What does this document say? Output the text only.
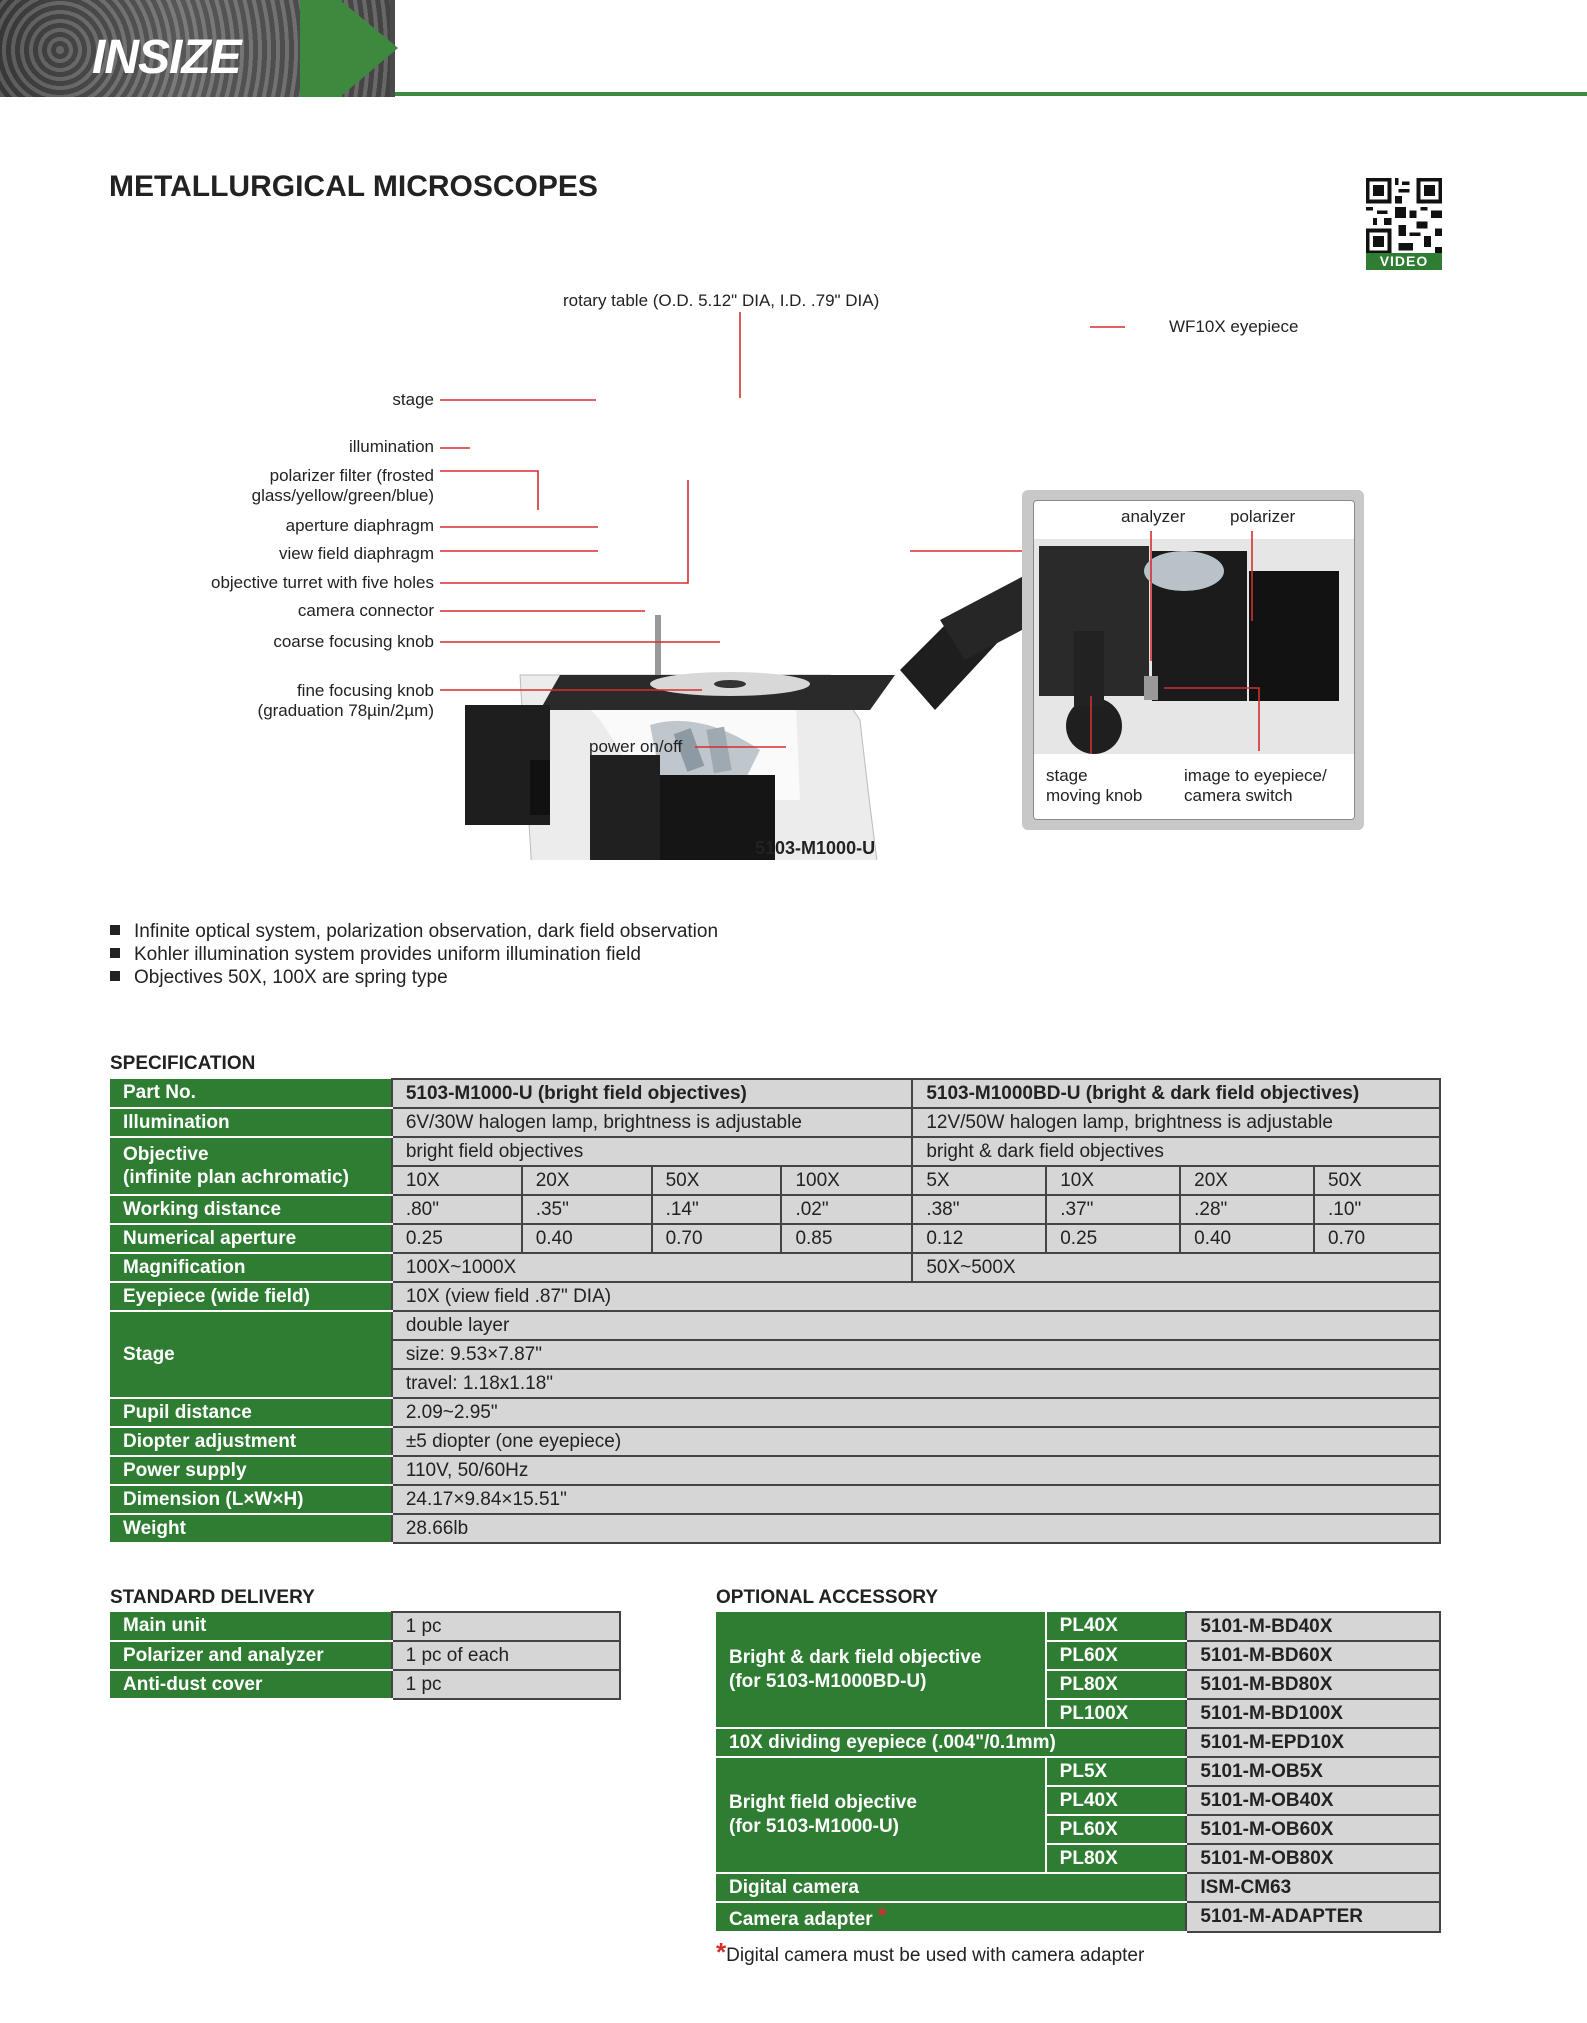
INSIZE
METALLURGICAL MICROSCOPES
VIDEO
rotary table (O.D. 5.12" DIA, I.D. .79" DIA)
WF10X eyepiece
stage
illumination
polarizer filter (frosted
glass/yellow/green/blue)
aperture diaphragm
view field diaphragm
objective turret with five holes
camera connector
coarse focusing knob
fine focusing knob
(graduation 78µin/2µm)
power on/off
analyzer	polarizer
stage
moving knob
image to eyepiece/
camera switch
5103-M1000-U
Infinite optical system, polarization observation, dark field observation
Kohler illumination system provides uniform illumination field
Objectives 50X, 100X are spring type
SPECIFICATION
Part No.	5103-M1000-U (bright field objectives)				5103-M1000BD-U (bright & dark field objectives)			
Illumination	6V/30W halogen lamp, brightness is adjustable				12V/50W halogen lamp, brightness is adjustable			
Objective
(infinite plan achromatic)	bright field objectives				bright & dark field objectives			
	10X	20X	50X	100X	5X	10X	20X	50X
Working distance	.80"	.35"	.14"	.02"	.38"	.37"	.28"	.10"
Numerical aperture	0.25	0.40	0.70	0.85	0.12	0.25	0.40	0.70
Magnification	100X~1000X				50X~500X			
Eyepiece (wide field)	10X (view field .87" DIA)							
Stage	double layer							
	size: 9.53×7.87"							
	travel: 1.18x1.18"							
Pupil distance	2.09~2.95"							
Diopter adjustment	±5 diopter (one eyepiece)							
Power supply	110V, 50/60Hz							
Dimension (L×W×H)	24.17×9.84×15.51"							
Weight	28.66lb							
STANDARD DELIVERY
Main unit	1 pc
Polarizer and analyzer	1 pc of each
Anti-dust cover	1 pc
OPTIONAL ACCESSORY
Bright & dark field objective
(for 5103-M1000BD-U)	PL40X	5101-M-BD40X
	PL60X	5101-M-BD60X
	PL80X	5101-M-BD80X
	PL100X	5101-M-BD100X
10X dividing eyepiece (.004"/0.1mm)		5101-M-EPD10X
Bright field objective
(for 5103-M1000-U)	PL5X	5101-M-OB5X
	PL40X	5101-M-OB40X
	PL60X	5101-M-OB60X
	PL80X	5101-M-OB80X
Digital camera		ISM-CM63
Camera adapter *		5101-M-ADAPTER
*Digital camera must be used with camera adapter
